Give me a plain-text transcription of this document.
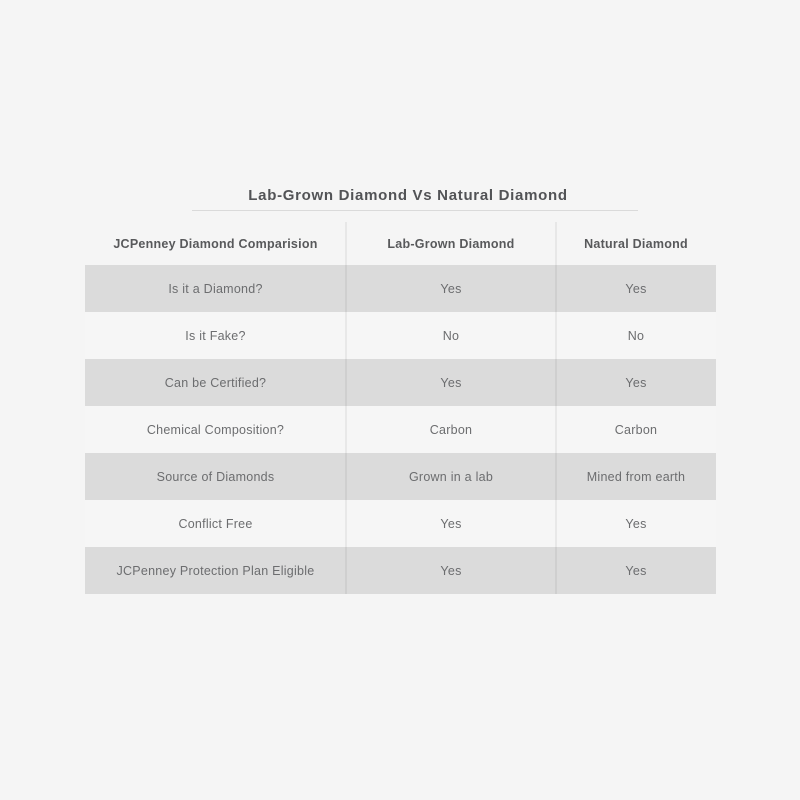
Lab-Grown Diamond Vs Natural Diamond
JCPenney Diamond Comparision	Lab-Grown Diamond	Natural Diamond
Is it a Diamond?	Yes	Yes
Is it Fake?	No	No
Can be Certified?	Yes	Yes
Chemical Composition?	Carbon	Carbon
Source of Diamonds	Grown in a lab	Mined from earth
Conflict Free	Yes	Yes
JCPenney Protection Plan Eligible	Yes	Yes
